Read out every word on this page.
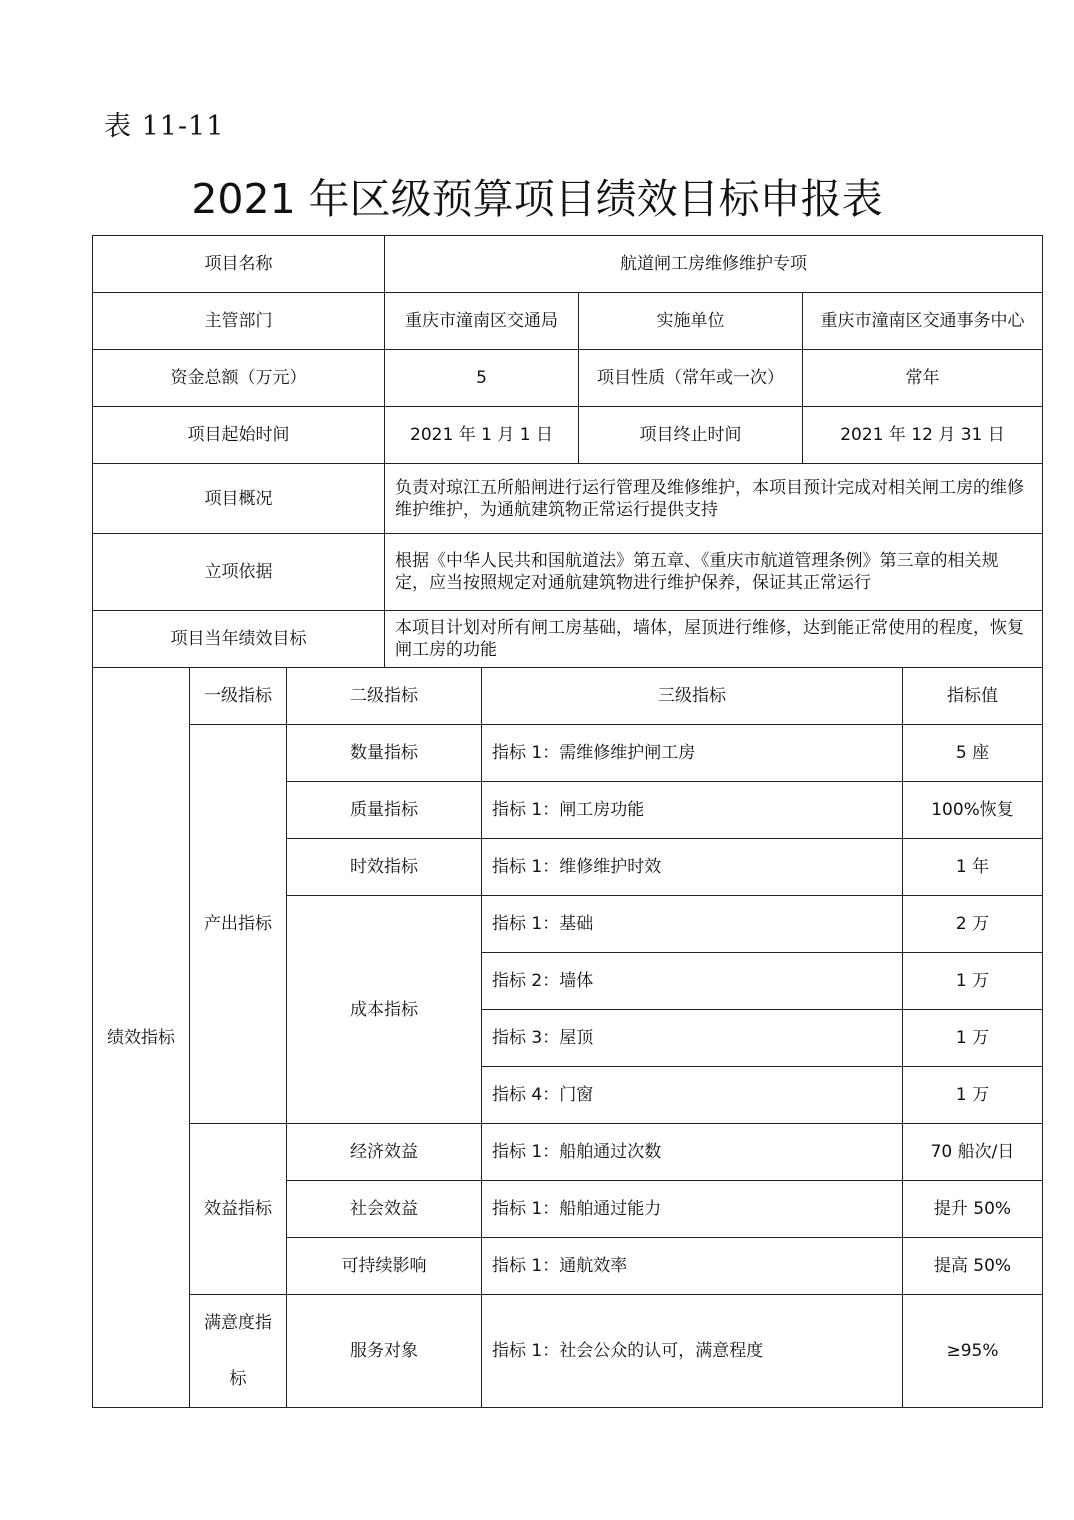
表 11-11
2021 年区级预算项目绩效目标申报表
项目名称			航道闸工房维修维护专项				
主管部门			重庆市潼南区交通局		实施单位	重庆市潼南区交通事务中心	
资金总额（万元）			5		项目性质（常年或一次）	常年	
项目起始时间			2021 年 1 月 1 日		项目终止时间	2021 年 12 月 31 日	
项目概况			负责对琼江五所船闸进行运行管理及维修维护，本项目预计完成对相关闸工房的维修维护维护，为通航建筑物正常运行提供支持				
立项依据			根据《中华人民共和国航道法》第五章、《重庆市航道管理条例》第三章的相关规定，应当按照规定对通航建筑物进行维护保养，保证其正常运行				
项目当年绩效目标			本项目计划对所有闸工房基础，墙体，屋顶进行维修，达到能正常使用的程度，恢复闸工房的功能				
绩效指标	一级指标	二级指标		三级指标			指标值
	产出指标	数量指标		指标 1：需维修维护闸工房			5 座
		质量指标		指标 1：闸工房功能			100%恢复
		时效指标		指标 1：维修维护时效			1 年
		成本指标		指标 1：基础			2 万
				指标 2：墙体			1 万
				指标 3：屋顶			1 万
				指标 4：门窗			1 万
	效益指标	经济效益		指标 1：船舶通过次数			70 船次/日
		社会效益		指标 1：船舶通过能力			提升 50%
		可持续影响		指标 1：通航效率			提高 50%
	满意度指标	服务对象		指标 1：社会公众的认可，满意程度			≥95%
